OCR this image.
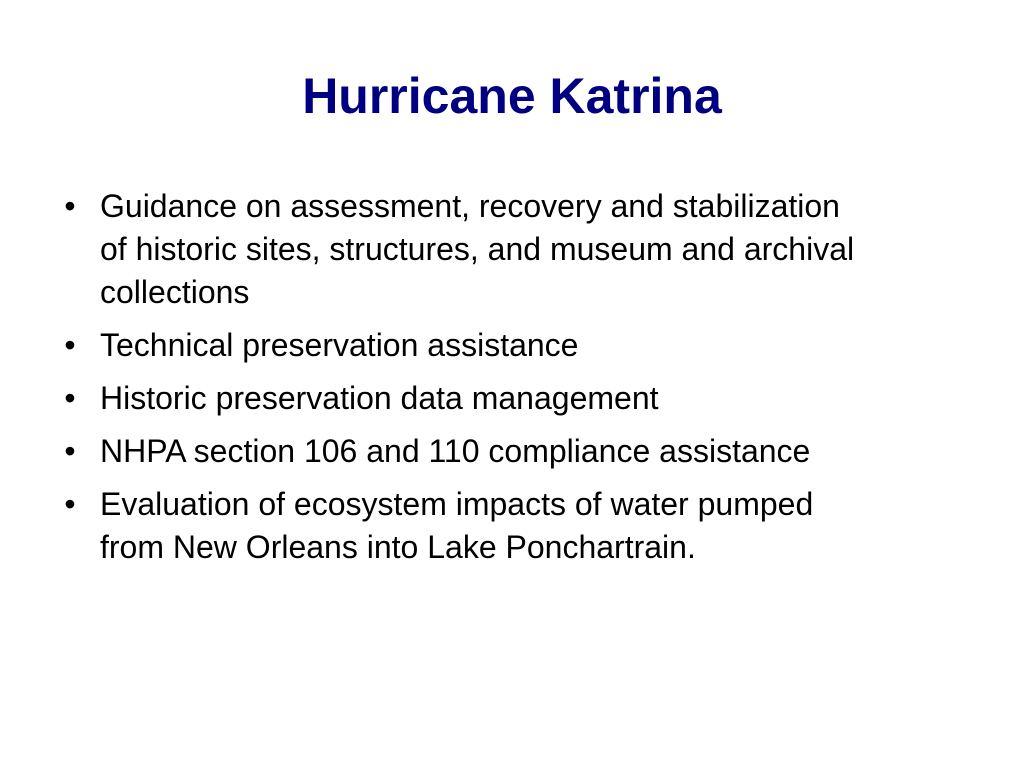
Hurricane Katrina
• Guidance on assessment, recovery and stabilization of historic sites, structures, and museum and archival collections
• Technical preservation assistance
• Historic preservation data management
• NHPA section 106 and 110 compliance assistance
• Evaluation of ecosystem impacts of water pumped from New Orleans into Lake Ponchartrain.
